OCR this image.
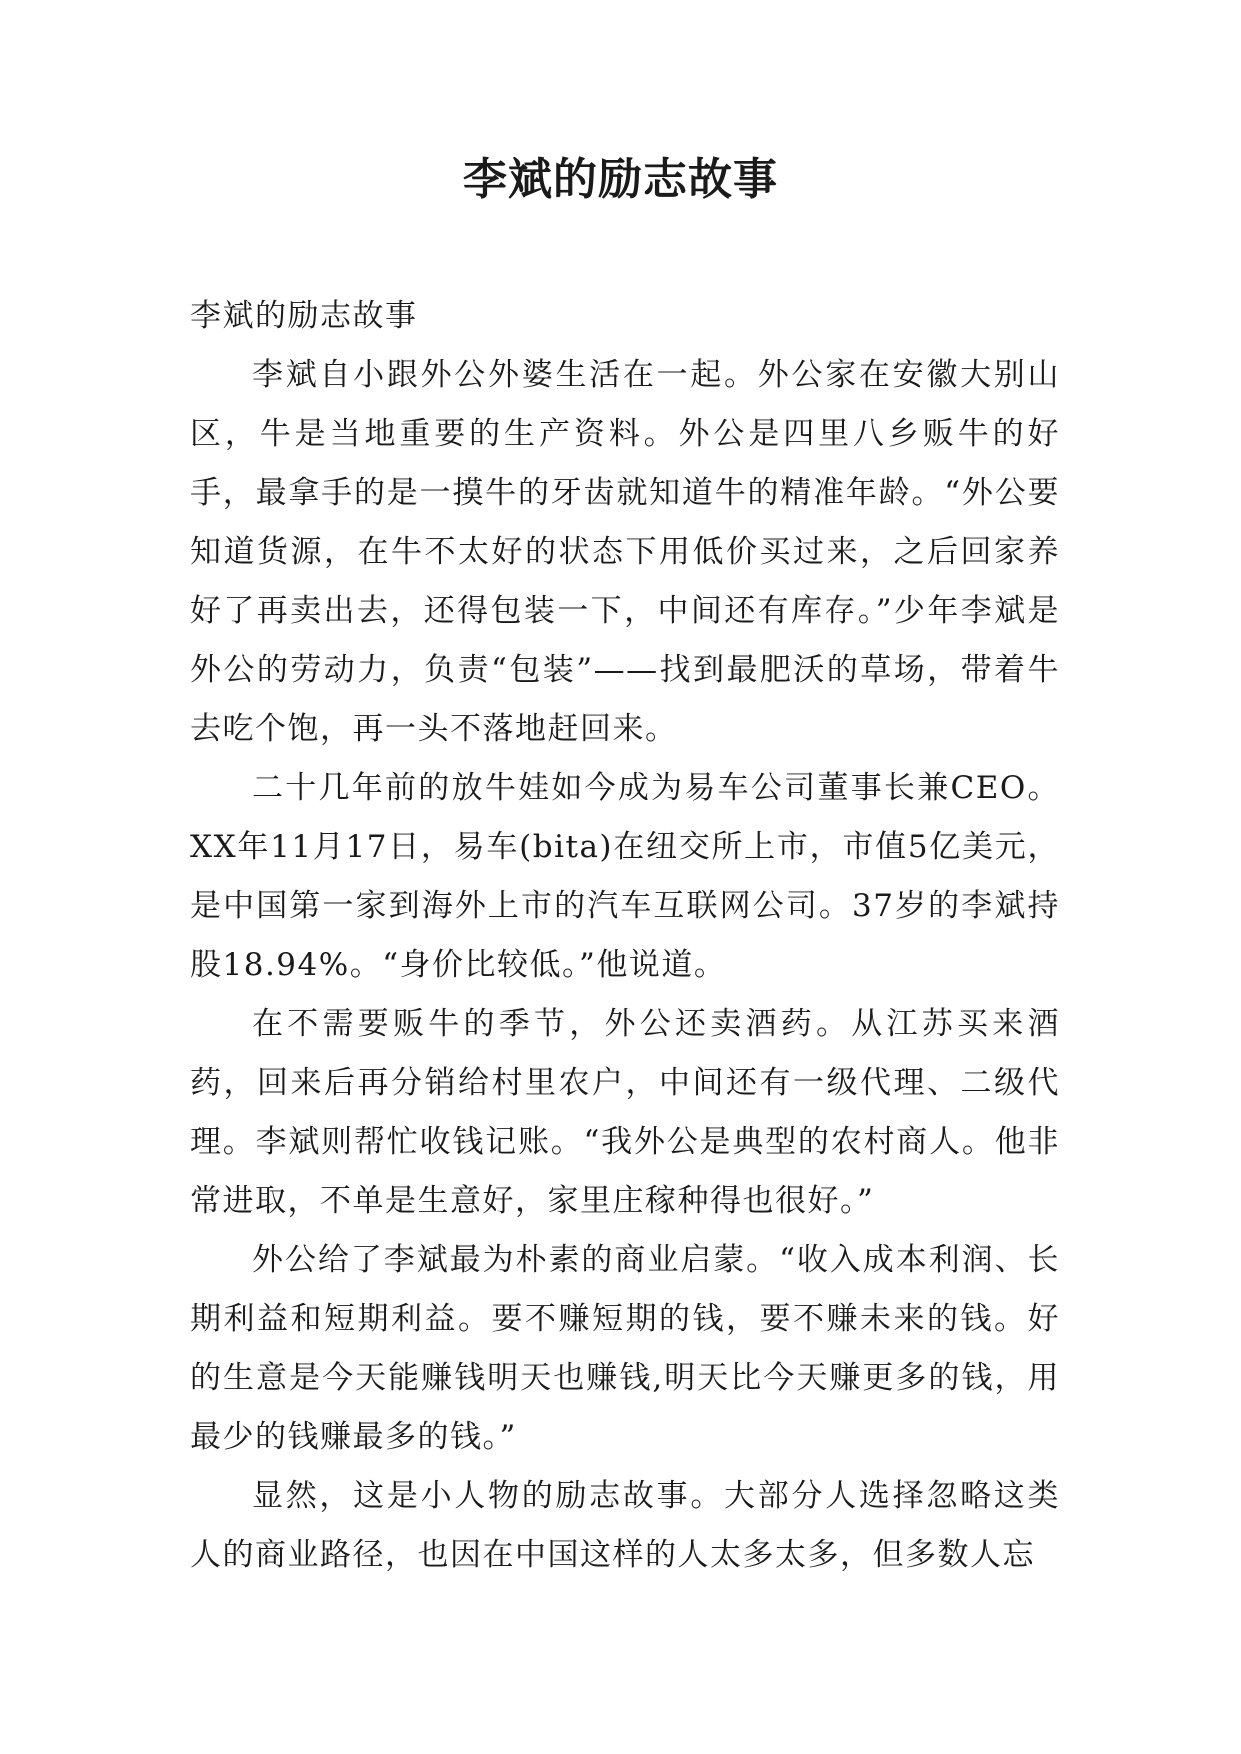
李斌的励志故事

李斌的励志故事

李斌自小跟外公外婆生活在一起。外公家在安徽大别山区，牛是当地重要的生产资料。外公是四里八乡贩牛的好手，最拿手的是一摸牛的牙齿就知道牛的精准年龄。“外公要知道货源，在牛不太好的状态下用低价买过来，之后回家养好了再卖出去，还得包装一下，中间还有库存。”少年李斌是外公的劳动力，负责“包装”——找到最肥沃的草场，带着牛去吃个饱，再一头不落地赶回来。

二十几年前的放牛娃如今成为易车公司董事长兼CEO。XX年11月17日，易车(bita)在纽交所上市，市值5亿美元，是中国第一家到海外上市的汽车互联网公司。37岁的李斌持股18.94%。“身价比较低。”他说道。

在不需要贩牛的季节，外公还卖酒药。从江苏买来酒药，回来后再分销给村里农户，中间还有一级代理、二级代理。李斌则帮忙收钱记账。“我外公是典型的农村商人。他非常进取，不单是生意好，家里庄稼种得也很好。”

外公给了李斌最为朴素的商业启蒙。“收入成本利润、长期利益和短期利益。要不赚短期的钱，要不赚未来的钱。好的生意是今天能赚钱明天也赚钱,明天比今天赚更多的钱，用最少的钱赚最多的钱。”

显然，这是小人物的励志故事。大部分人选择忽略这类人的商业路径，也因在中国这样的人太多太多，但多数人忘
